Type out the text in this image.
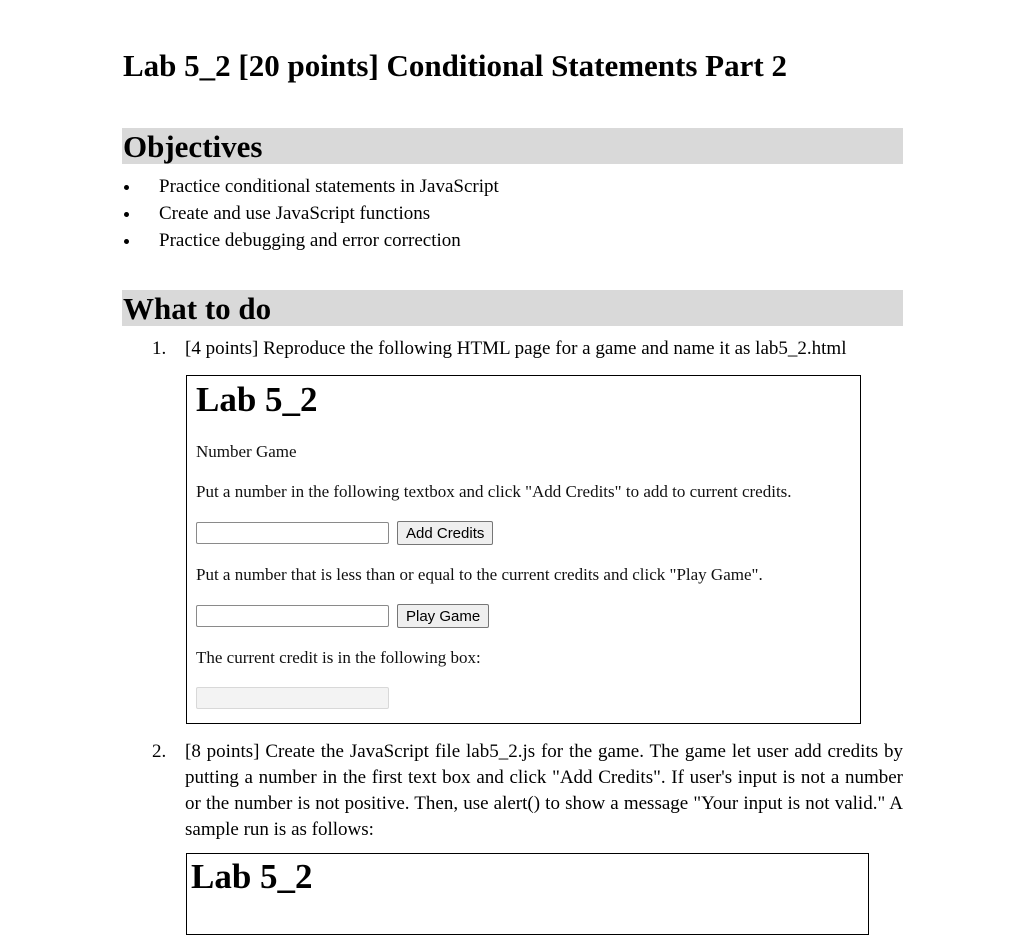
Lab 5_2 [20 points] Conditional Statements Part 2
Objectives
Practice conditional statements in JavaScript
Create and use JavaScript functions
Practice debugging and error correction
What to do
1. [4 points] Reproduce the following HTML page for a game and name it as lab5_2.html
Lab 5_2
Number Game
Put a number in the following textbox and click "Add Credits" to add to current credits.
Add Credits
Put a number that is less than or equal to the current credits and click "Play Game".
Play Game
The current credit is in the following box:
2. [8 points] Create the JavaScript file lab5_2.js for the game. The game let user add credits by putting a number in the first text box and click "Add Credits". If user's input is not a number or the number is not positive. Then, use alert() to show a message "Your input is not valid." A sample run is as follows:
Lab 5_2
